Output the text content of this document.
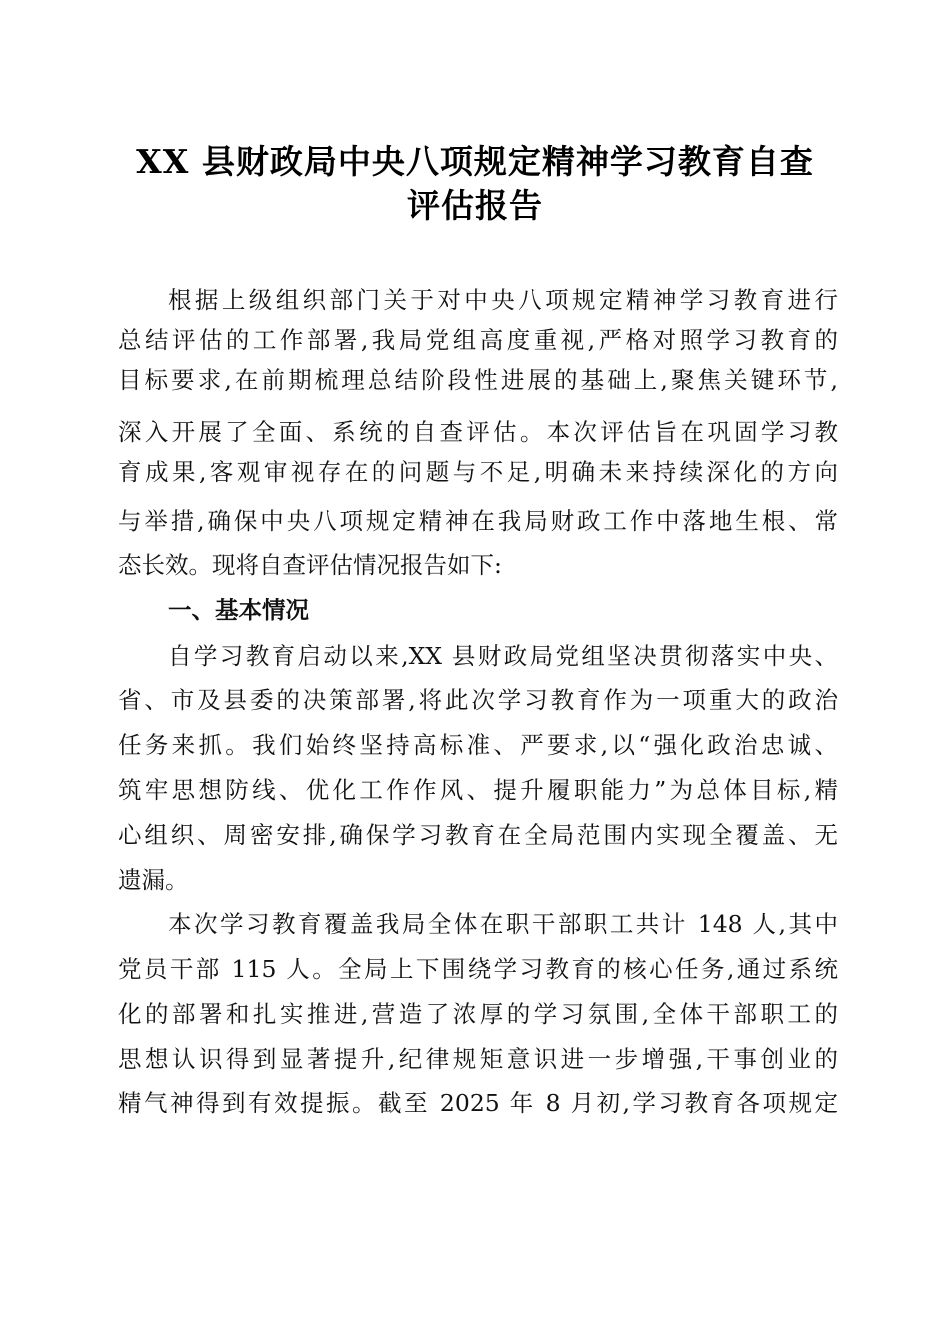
XX 县财政局中央八项规定精神学习教育自查
评估报告
根据上级组织部门关于对中央八项规定精神学习教育进行
总结评估的工作部署,我局党组高度重视,严格对照学习教育的
目标要求,在前期梳理总结阶段性进展的基础上,聚焦关键环节,
深入开展了全面、系统的自查评估。本次评估旨在巩固学习教
育成果,客观审视存在的问题与不足,明确未来持续深化的方向
与举措,确保中央八项规定精神在我局财政工作中落地生根、常
态长效。现将自查评估情况报告如下:
一、基本情况
自学习教育启动以来,XX 县财政局党组坚决贯彻落实中央、
省、市及县委的决策部署,将此次学习教育作为一项重大的政治
任务来抓。我们始终坚持高标准、严要求,以“强化政治忠诚、
筑牢思想防线、优化工作作风、提升履职能力”为总体目标,精
心组织、周密安排,确保学习教育在全局范围内实现全覆盖、无
遗漏。
本次学习教育覆盖我局全体在职干部职工共计 148 人,其中
党员干部 115 人。全局上下围绕学习教育的核心任务,通过系统
化的部署和扎实推进,营造了浓厚的学习氛围,全体干部职工的
思想认识得到显著提升,纪律规矩意识进一步增强,干事创业的
精气神得到有效提振。截至 2025 年 8 月初,学习教育各项规定
